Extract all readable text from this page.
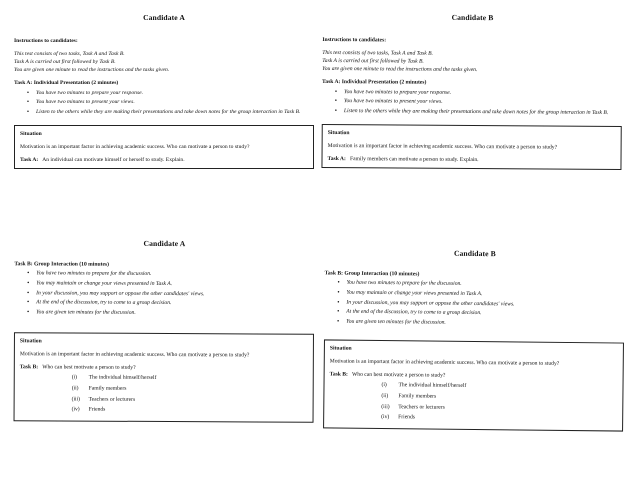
Candidate A
Instructions to candidates:
This test consists of two tasks, Task A and Task B.
Task A is carried out first followed by Task B.
You are given one minute to read the instructions and the tasks given.
Task A: Individual Presentation (2 minutes)
• You have two minutes to prepare your response.
• You have two minutes to present your views.
• Listen to the others while they are making their presentations and take down notes for the group interaction in Task B.
Situation
Motivation is an important factor in achieving academic success. Who can motivate a person to study?
Task A: An individual can motivate himself or herself to study. Explain.
Candidate B
Instructions to candidates:
This test consists of two tasks, Task A and Task B.
Task A is carried out first followed by Task B.
You are given one minute to read the instructions and the tasks given.
Task A: Individual Presentation (2 minutes)
• You have two minutes to prepare your response.
• You have two minutes to present your views.
• Listen to the others while they are making their presentations and take down notes for the group interaction in Task B.
Situation
Motivation is an important factor in achieving academic success. Who can motivate a person to study?
Task A: Family members can motivate a person to study. Explain.
Candidate A
Task B: Group Interaction (10 minutes)
• You have two minutes to prepare for the discussion.
• You may maintain or change your views presented in Task A.
• In your discussion, you may support or oppose the other candidates' views.
• At the end of the discussion, try to come to a group decision.
• You are given ten minutes for the discussion.
Situation
Motivation is an important factor in achieving academic success. Who can motivate a person to study?
Task B: Who can best motivate a person to study?
(i) The individual himself/herself
(ii) Family members
(iii) Teachers or lecturers
(iv) Friends
Candidate B
Task B: Group Interaction (10 minutes)
• You have two minutes to prepare for the discussion.
• You may maintain or change your views presented in Task A.
• In your discussion, you may support or oppose the other candidates' views.
• At the end of the discussion, try to come to a group decision.
• You are given ten minutes for the discussion.
Situation
Motivation is an important factor in achieving academic success. Who can motivate a person to study?
Task B: Who can best motivate a person to study?
(i) The individual himself/herself
(ii) Family members
(iii) Teachers or lecturers
(iv) Friends
